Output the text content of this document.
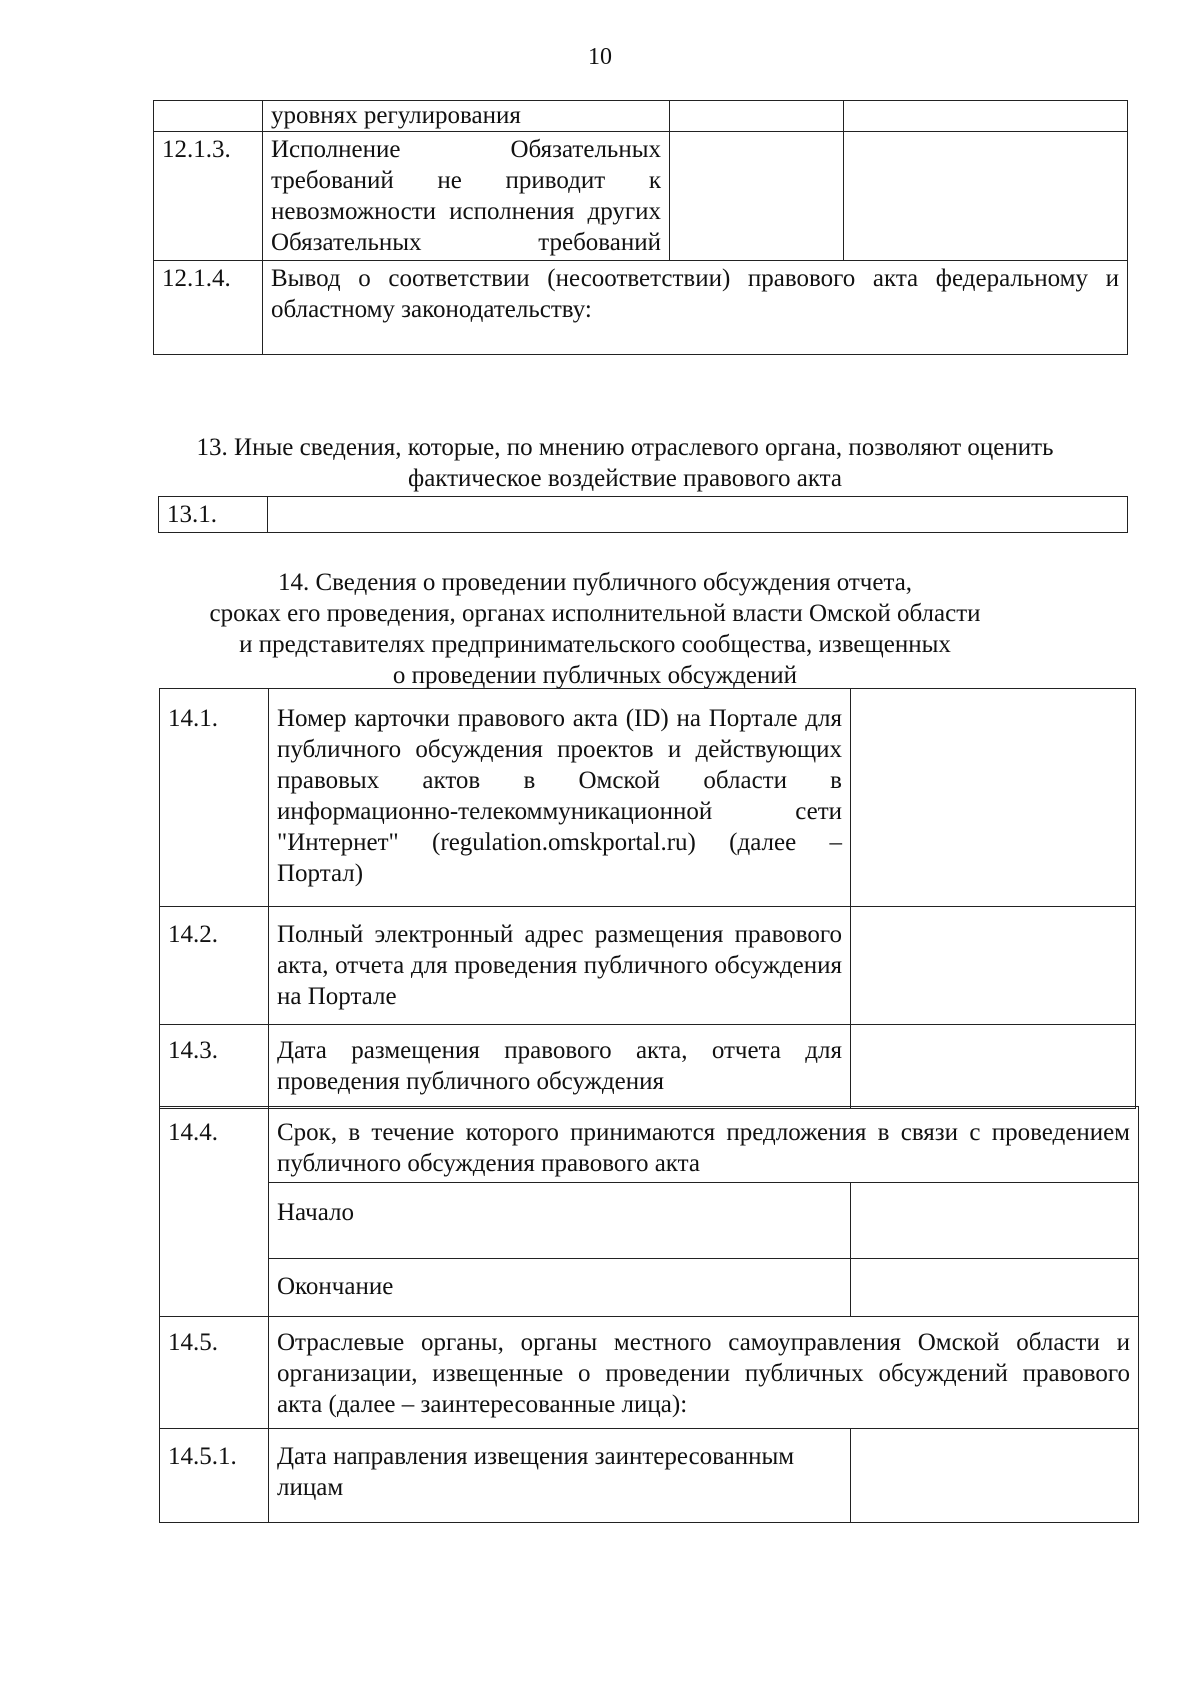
10
	уровнях регулирования		
12.1.3.	Исполнение Обязательных требований не приводит к невозможности исполнения других Обязательных требований		
12.1.4.	Вывод о соответствии (несоответствии) правового акта федеральному и областному законодательству:		
13. Иные сведения, которые, по мнению отраслевого органа, позволяют оценить фактическое воздействие правового акта
13.1.	
14. Сведения о проведении публичного обсуждения отчета,
сроках его проведения, органах исполнительной власти Омской области
и представителях предпринимательского сообщества, извещенных
о проведении публичных обсуждений
14.1.	Номер карточки правового акта (ID) на Портале для публичного обсуждения проектов и действующих правовых актов в Омской области в информационно-телекоммуникационной сети "Интернет" (regulation.omskportal.ru) (далее – Портал)	
14.2.	Полный электронный адрес размещения правового акта, отчета для проведения публичного обсуждения на Портале	
14.3.	Дата размещения правового акта, отчета для проведения публичного обсуждения	
14.4.	Срок, в течение которого принимаются предложения в связи с проведением публичного обсуждения правового акта	
	Начало	
	Окончание	
14.5.	Отраслевые органы, органы местного самоуправления Омской области и организации, извещенные о проведении публичных обсуждений правового акта (далее – заинтересованные лица):	
14.5.1.	Дата направления извещения заинтересованным лицам	
